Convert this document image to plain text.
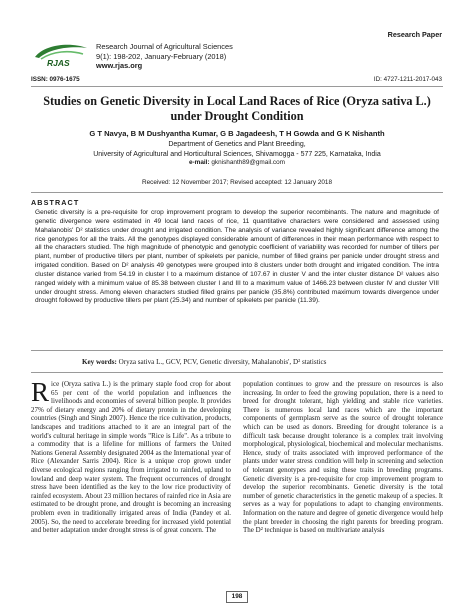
RJAS
ISSN: 0976-1675
Research Journal of Agricultural Sciences
9(1): 198-202, January-February (2018)
www.rjas.org
Research Paper
ID: 4727-1211-2017-043
Studies on Genetic Diversity in Local Land Races of Rice (Oryza sativa L.)
under Drought Condition
G T Navya, B M Dushyantha Kumar, G B Jagadeesh, T H Gowda and G K Nishanth
Department of Genetics and Plant Breeding,
University of Agricultural and Horticultural Sciences, Shivamogga - 577 225, Karnataka, India
e-mail: gknishanth89@gmail.com
Received: 12 November 2017; Revised accepted: 12 January 2018
ABSTRACT
Genetic diversity is a pre-requisite for crop improvement program to develop the superior recombinants. The nature and magnitude of genetic divergence were estimated in 49 local land races of rice, 11 quantitative characters were considered and assessed using Mahalanobis' D² statistics under drought and irrigated condition. The analysis of variance revealed highly significant difference among the rice genotypes for all the traits. All the genotypes displayed considerable amount of differences in their mean performance with respect to all the characters studied. The high magnitude of phenotypic and genotypic coefficient of variability was recorded for number of tillers per plant, number of productive tillers per plant, number of spikelets per panicle, number of filled grains per panicle under drought stress and irrigated condition. Based on D² analysis 49 genotypes were grouped into 8 clusters under both drought and irrigated condition. The intra cluster distance varied from 54.19 in cluster I to a maximum distance of 107.67 in cluster V and the inter cluster distance D² values also ranged widely with a minimum value of 85.38 between cluster I and III to a maximum value of 1466.23 between cluster IV and cluster VIII under drought stress. Among eleven characters studied filled grains per panicle (35.8%) contributed maximum towards divergence under drought followed by productive tillers per plant (25.34) and number of spikelets per panicle (11.39).
Key words: Oryza sativa L., GCV, PCV, Genetic diversity, Mahalanobis', D² statistics
R ice (Oryza sativa L.) is the primary staple food crop for about 65 per cent of the world population and influences the livelihoods and economies of several billion people. It provides 27% of dietary energy and 20% of dietary protein in the developing countries (Singh and Singh 2007). Hence the rice cultivation, products, landscapes and traditions attached to it are an integral part of the world's cultural heritage in simple words "Rice is Life". As a tribute to a commodity that is a lifeline for millions of farmers the United Nations General Assembly designated 2004 as the International year of Rice (Alexander Sarris 2004). Rice is a unique crop grown under diverse ecological regions ranging from irrigated to rainfed, upland to lowland and deep water system. The frequent occurrences of drought stress have been identified as the key to the low rice productivity of rainfed ecosystem. About 23 million hectares of rainfed rice in Asia are estimated to be drought prone, and drought is becoming an increasing problem even in traditionally irrigated areas of India (Pandey et al. 2005). So, the need to accelerate breeding for increased yield potential and better adaptation under drought stress is of great concern. The
population continues to grow and the pressure on resources is also increasing. In order to feed the growing population, there is a need to breed for drought tolerant, high yielding and stable rice varieties. There is numerous local land races which are the important components of germplasm serve as the source of drought tolerance which can be used as donors. Breeding for drought tolerance is a difficult task because drought tolerance is a complex trait involving morphological, physiological, biochemical and molecular mechanisms. Hence, study of traits associated with improved performance of the plants under water stress condition will help in screening and selection of tolerant genotypes and using these traits in breeding programs. Genetic diversity is a pre-requisite for crop improvement program to develop the superior recombinants. Genetic diversity is the total number of genetic characteristics in the genetic makeup of a species. It serves as a way for populations to adapt to changing environments. Information on the nature and degree of genetic divergence would help the plant breeder in choosing the right parents for breeding program. The D² technique is based on multivariate analysis
198
